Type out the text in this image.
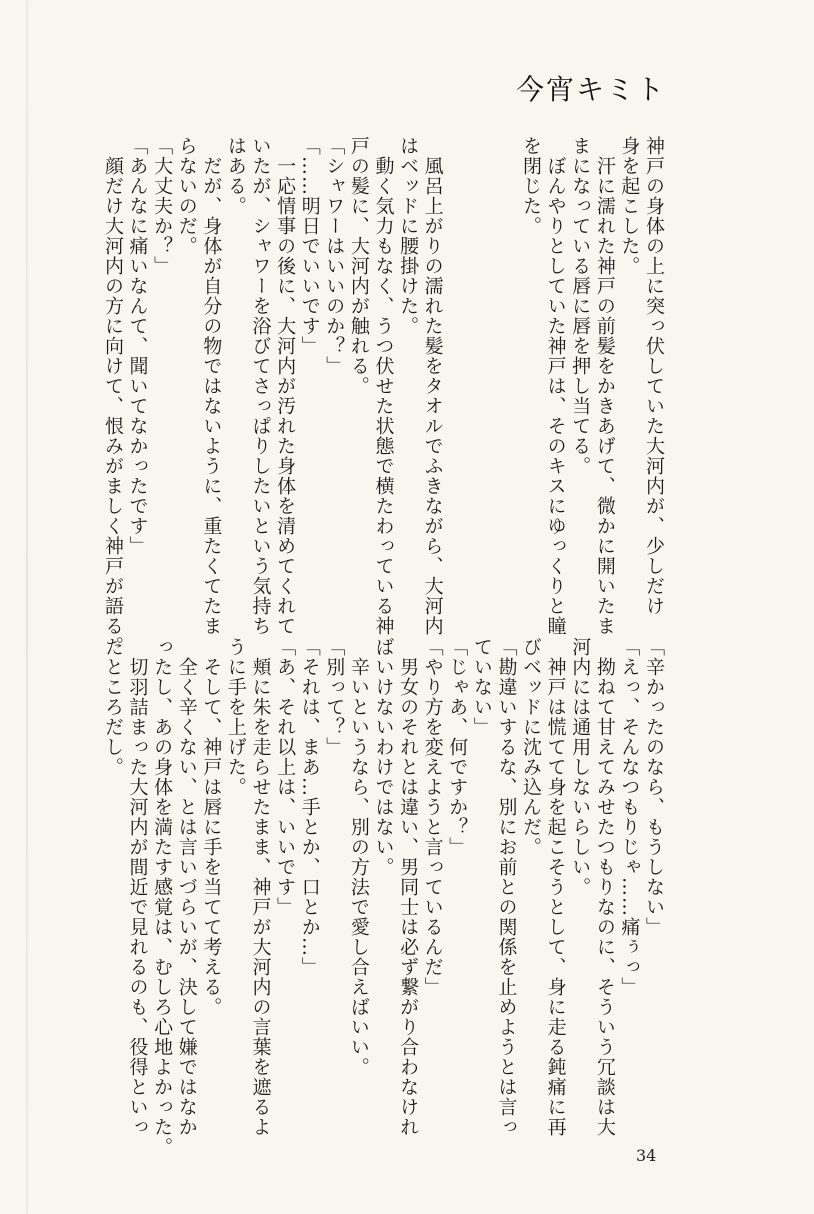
今宵キミト

神戸の身体の上に突っ伏していた大河内が、少しだけ

身を起こした。

　汗に濡れた神戸の前髪をかきあげて、微かに開いたま

まになっている唇に唇を押し当てる。

　ぼんやりとしていた神戸は、そのキスにゆっくりと瞳

を閉じた。

　風呂上がりの濡れた髪をタオルでふきながら、大河内

はベッドに腰掛けた。

　動く気力もなく、うつ伏せた状態で横たわっている神

戸の髪に、大河内が触れる。

「シャワーはいいのか？」

「……明日でいいです」

　一応情事の後に、大河内が汚れた身体を清めてくれて

いたが、シャワーを浴びてさっぱりしたいという気持ち

はある。

　だが、身体が自分の物ではないように、重たくてたま

らないのだ。

「大丈夫か？」

「あんなに痛いなんて、聞いてなかったです」

　顔だけ大河内の方に向けて、恨みがましく神戸が語る。

「辛かったのなら、もうしない」

「えっ、そんなつもりじゃ……痛ぅっ」

　拗ねて甘えてみせたつもりなのに、そういう冗談は大

河内には通用しないらしい。

　神戸は慌てて身を起こそうとして、身に走る鈍痛に再

びベッドに沈み込んだ。

「勘違いするな、別にお前との関係を止めようとは言っ

ていない」

「じゃあ、何ですか？」

「やり方を変えようと言っているんだ」

　男女のそれとは違い、男同士は必ず繋がり合わなけれ

ばいけないわけではない。

　辛いというなら、別の方法で愛し合えばいい。

「別って？」

「それは、まあ…手とか、口とか…」

「あ、それ以上は、いいです」

　頬に朱を走らせたまま、神戸が大河内の言葉を遮るよ

うに手を上げた。

　そして、神戸は唇に手を当てて考える。

　全く辛くない、とは言いづらいが、決して嫌ではなか

ったし、あの身体を満たす感覚は、むしろ心地よかった。

　切羽詰まった大河内が間近で見れるのも、役得といっ

たところだし。

34
